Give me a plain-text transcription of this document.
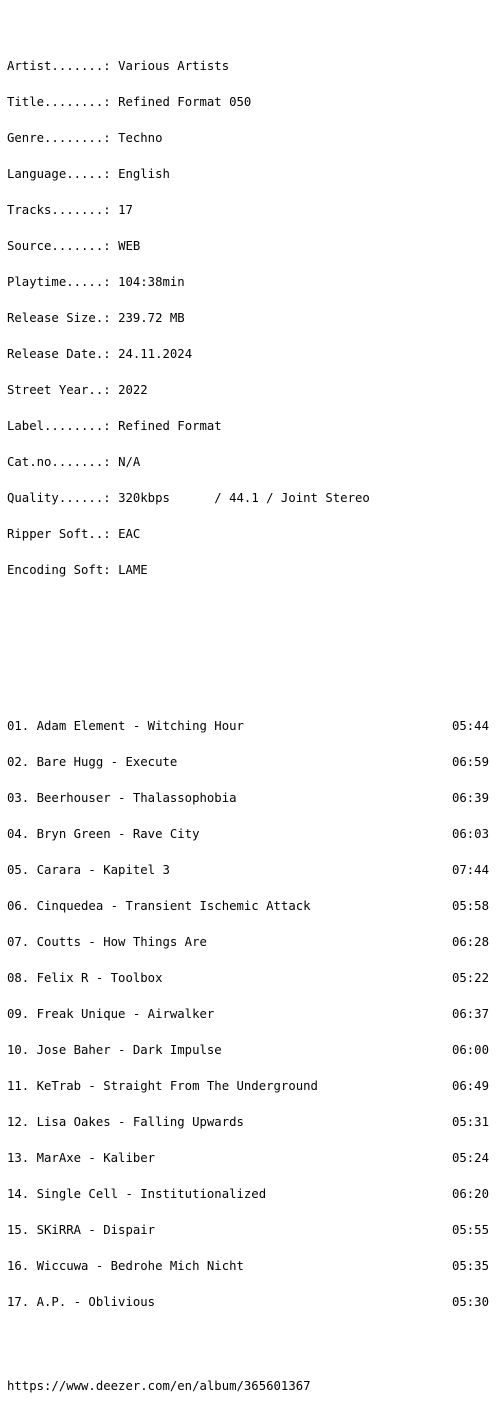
Artist.......: Various Artists

Title........: Refined Format 050

Genre........: Techno

Language.....: English

Tracks.......: 17

Source.......: WEB

Playtime.....: 104:38min

Release Size.: 239.72 MB

Release Date.: 24.11.2024

Street Year..: 2022

Label........: Refined Format

Cat.no.......: N/A

Quality......: 320kbps      / 44.1 / Joint Stereo

Ripper Soft..: EAC

Encoding Soft: LAME

01. Adam Element - Witching Hour	05:44

02. Bare Hugg - Execute	06:59

03. Beerhouser - Thalassophobia	06:39

04. Bryn Green - Rave City	06:03

05. Carara - Kapitel 3	07:44

06. Cinquedea - Transient Ischemic Attack	05:58

07. Coutts - How Things Are	06:28

08. Felix R - Toolbox	05:22

09. Freak Unique - Airwalker	06:37

10. Jose Baher - Dark Impulse	06:00

11. KeTrab - Straight From The Underground	06:49

12. Lisa Oakes - Falling Upwards	05:31

13. MarAxe - Kaliber	05:24

14. Single Cell - Institutionalized	06:20

15. SKiRRA - Dispair	05:55

16. Wiccuwa - Bedrohe Mich Nicht	05:35

17. A.P. - Oblivious	05:30

https://www.deezer.com/en/album/365601367
